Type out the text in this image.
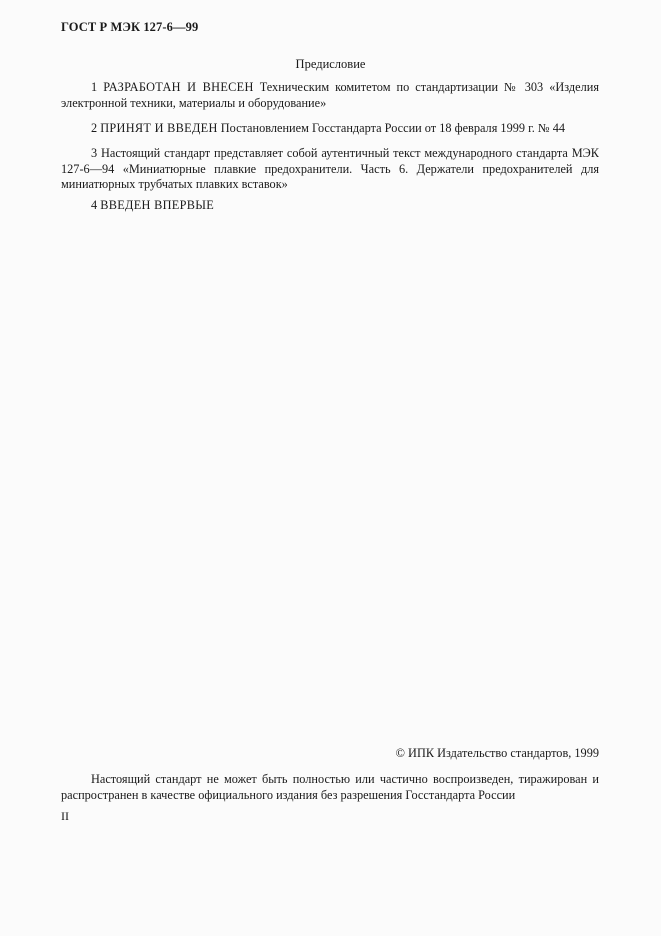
ГОСТ Р МЭК 127-6—99
Предисловие

1 РАЗРАБОТАН И ВНЕСЕН Техническим комитетом по стандартизации № 303 «Изделия электронной техники, материалы и оборудование»

2 ПРИНЯТ И ВВЕДЕН Постановлением Госстандарта России от 18 февраля 1999 г. № 44

3 Настоящий стандарт представляет собой аутентичный текст международного стандарта МЭК 127-6—94 «Миниатюрные плавкие предохранители. Часть 6. Держатели предохранителей для миниатюрных трубчатых плавких вставок»

4 ВВЕДЕН ВПЕРВЫЕ

© ИПК Издательство стандартов, 1999

Настоящий стандарт не может быть полностью или частично воспроизведен, тиражирован и распространен в качестве официального издания без разрешения Госстандарта России

II
